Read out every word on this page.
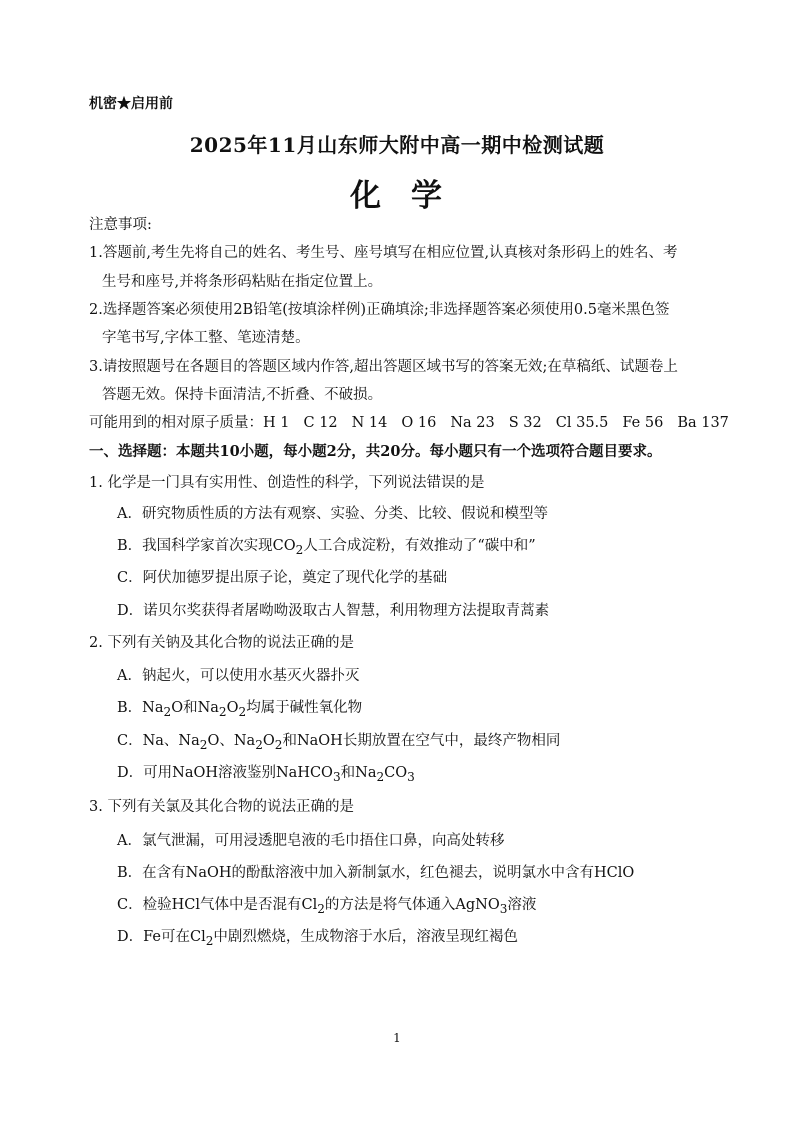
机密★启用前
2025年11月山东师大附中高一期中检测试题
化 学
注意事项:
1.答题前,考生先将自己的姓名、考生号、座号填写在相应位置,认真核对条形码上的姓名、考
生号和座号,并将条形码粘贴在指定位置上。
2.选择题答案必须使用2B铅笔(按填涂样例)正确填涂;非选择题答案必须使用0.5毫米黑色签
字笔书写,字体工整、笔迹清楚。
3.请按照题号在各题目的答题区域内作答,超出答题区域书写的答案无效;在草稿纸、试题卷上
答题无效。保持卡面清洁,不折叠、不破损。
可能用到的相对原子质量：H 1 C 12 N 14 O 16 Na 23 S 32 Cl 35.5 Fe 56 Ba 137
一、选择题：本题共10小题，每小题2分，共20分。每小题只有一个选项符合题目要求。
1. 化学是一门具有实用性、创造性的科学，下列说法错误的是
A．研究物质性质的方法有观察、实验、分类、比较、假说和模型等
B．我国科学家首次实现$CO_2$人工合成淀粉，有效推动了“碳中和”
C．阿伏加德罗提出原子论，奠定了现代化学的基础
D．诺贝尔奖获得者屠呦呦汲取古人智慧，利用物理方法提取青蒿素
2. 下列有关钠及其化合物的说法正确的是
A．钠起火，可以使用水基灭火器扑灭
B．$Na_2O$和$Na_2O_2$均属于碱性氧化物
C．Na、$Na_2O$、$Na_2O_2$和NaOH长期放置在空气中，最终产物相同
D．可用NaOH溶液鉴别NaHCO$_3$和$Na_2CO_3$
3. 下列有关氯及其化合物的说法正确的是
A．氯气泄漏，可用浸透肥皂液的毛巾捂住口鼻，向高处转移
B．在含有NaOH的酚酞溶液中加入新制氯水，红色褪去，说明氯水中含有HClO
C．检验HCl气体中是否混有$Cl_2$的方法是将气体通入AgNO$_3$溶液
D．Fe可在$Cl_2$中剧烈燃烧，生成物溶于水后，溶液呈现红褐色
1
